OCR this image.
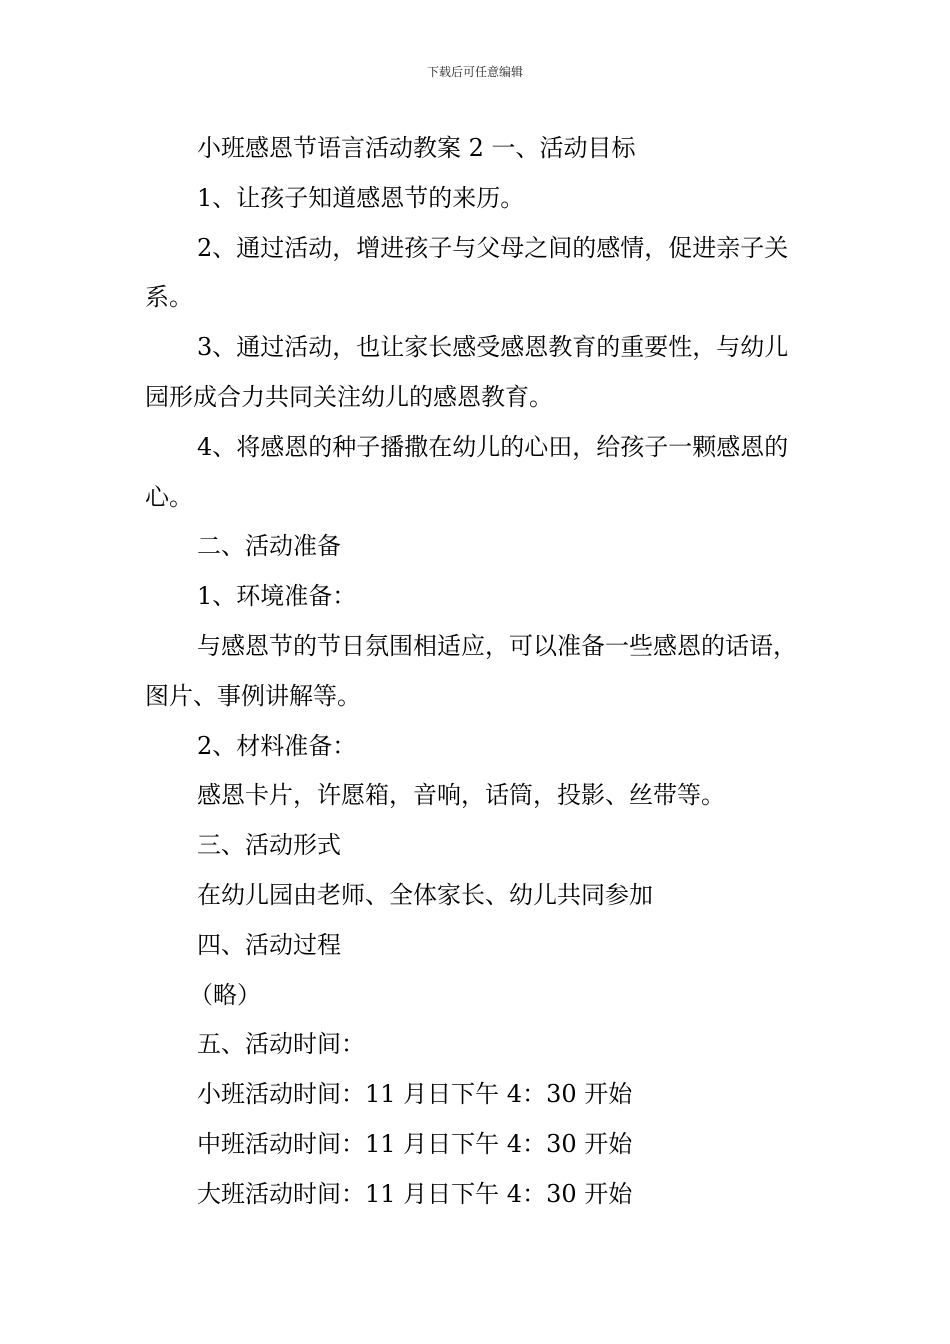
下载后可任意编辑

小班感恩节语言活动教案 2 一、活动目标

1、让孩子知道感恩节的来历。

2、通过活动，增进孩子与父母之间的感情，促进亲子关系。

3、通过活动，也让家长感受感恩教育的重要性，与幼儿园形成合力共同关注幼儿的感恩教育。

4、将感恩的种子播撒在幼儿的心田，给孩子一颗感恩的心。

二、活动准备

1、环境准备：

与感恩节的节日氛围相适应，可以准备一些感恩的话语，图片、事例讲解等。

2、材料准备：

感恩卡片，许愿箱，音响，话筒，投影、丝带等。

三、活动形式

在幼儿园由老师、全体家长、幼儿共同参加

四、活动过程

（略）

五、活动时间：

小班活动时间：11 月日下午 4：30 开始

中班活动时间：11 月日下午 4：30 开始

大班活动时间：11 月日下午 4：30 开始
